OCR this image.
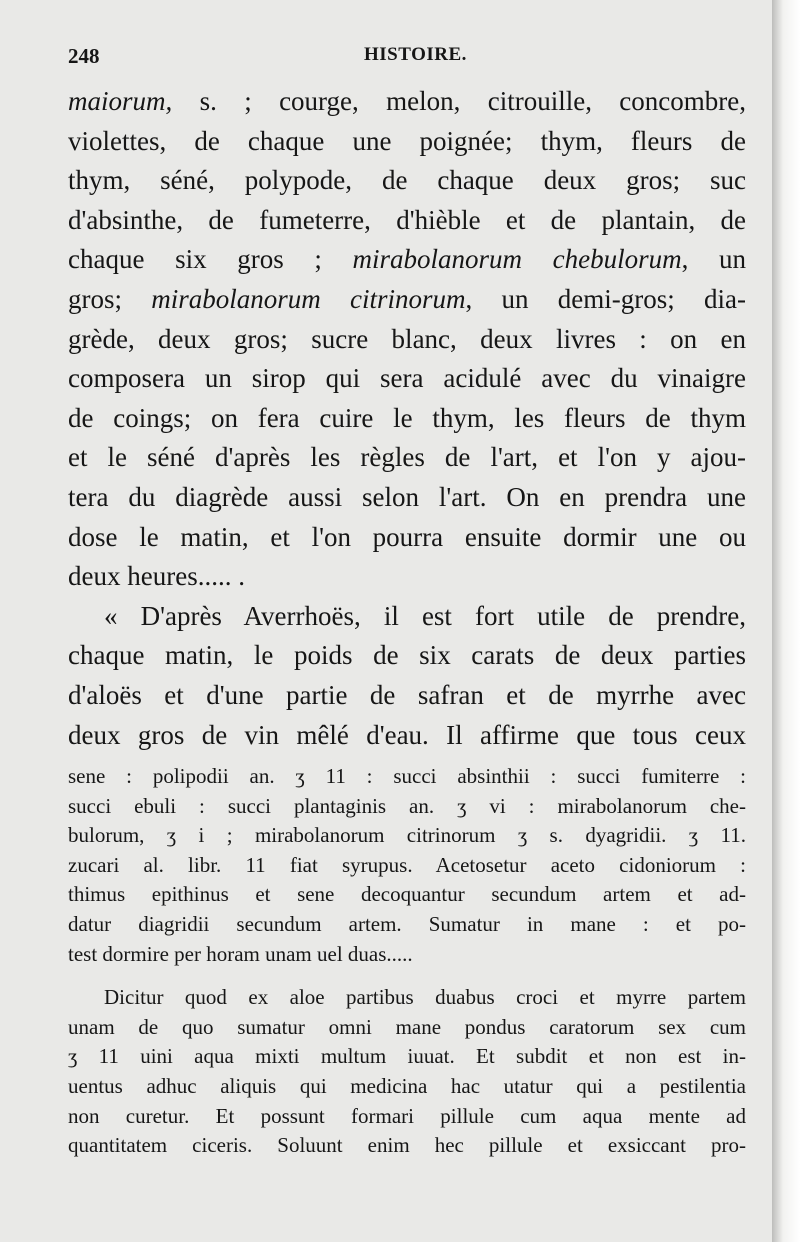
248	HISTOIRE.
maiorum, s. ; courge, melon, citrouille, concombre,
violettes, de chaque une poignée; thym, fleurs de
thym, séné, polypode, de chaque deux gros; suc
d'absinthe, de fumeterre, d'hièble et de plantain, de
chaque six gros ; mirabolanorum chebulorum, un
gros; mirabolanorum citrinorum, un demi-gros; dia-
grède, deux gros; sucre blanc, deux livres : on en
composera un sirop qui sera acidulé avec du vinaigre
de coings; on fera cuire le thym, les fleurs de thym
et le séné d'après les règles de l'art, et l'on y ajou-
tera du diagrède aussi selon l'art. On en prendra une
dose le matin, et l'on pourra ensuite dormir une ou
deux heures..... .
« D'après Averrhoës, il est fort utile de prendre,
chaque matin, le poids de six carats de deux parties
d'aloës et d'une partie de safran et de myrrhe avec
deux gros de vin mêlé d'eau. Il affirme que tous ceux
sene : polipodii an. ʒ 11 : succi absinthii : succi fumiterre :
succi ebuli : succi plantaginis an. ʒ vi : mirabolanorum che-
bulorum, ʒ i ; mirabolanorum citrinorum ʒ s. dyagridii. ʒ 11.
zucari al. libr. 11 fiat syrupus. Acetosetur aceto cidoniorum :
thimus epithinus et sene decoquantur secundum artem et ad-
datur diagridii secundum artem. Sumatur in mane : et po-
test dormire per horam unam uel duas.....
Dicitur quod ex aloe partibus duabus croci et myrre partem
unam de quo sumatur omni mane pondus caratorum sex cum
ʒ 11 uini aqua mixti multum iuuat. Et subdit et non est in-
uentus adhuc aliquis qui medicina hac utatur qui a pestilentia
non curetur. Et possunt formari pillule cum aqua mente ad
quantitatem ciceris. Soluunt enim hec pillule et exsiccant pro-
